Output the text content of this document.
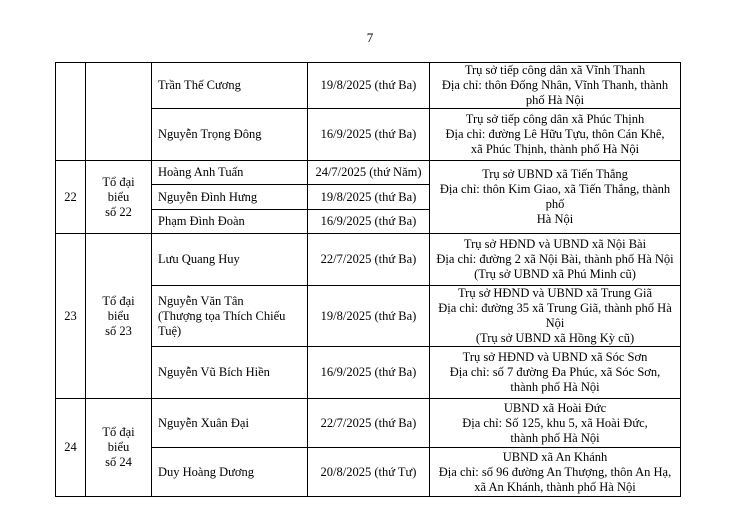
7
		Trần Thế Cương	19/8/2025 (thứ Ba)	Trụ sở tiếp công dân xã Vĩnh Thanh
Địa chỉ: thôn Đống Nhân, Vĩnh Thanh, thành phố Hà Nội

		Nguyễn Trọng Đông	16/9/2025 (thứ Ba)	Trụ sở tiếp công dân xã Phúc Thịnh
Địa chỉ: đường Lê Hữu Tựu, thôn Cán Khê,
xã Phúc Thịnh, thành phố Hà Nội

22	Tổ đại biểu
số 22	Hoàng Anh Tuấn	24/7/2025 (thứ Năm)	Trụ sở UBND xã Tiến Thắng
Địa chỉ: thôn Kim Giao, xã Tiến Thắng, thành phố
Hà Nội

		Nguyễn Đình Hưng	19/8/2025 (thứ Ba)	
		Phạm Đình Đoàn	16/9/2025 (thứ Ba)	
23	Tổ đại biểu
số 23	Lưu Quang Huy	22/7/2025 (thứ Ba)	Trụ sở HĐND và UBND xã Nội Bài
Địa chỉ: đường 2 xã Nội Bài, thành phố Hà Nội
(Trụ sở UBND xã Phú Minh cũ)

		Nguyễn Văn Tân
(Thượng tọa Thích Chiếu Tuệ)	19/8/2025 (thứ Ba)	Trụ sở HĐND và UBND xã Trung Giã
Địa chỉ: đường 35 xã Trung Giã, thành phố Hà Nội
(Trụ sở UBND xã Hồng Kỳ cũ)

		Nguyễn Vũ Bích Hiền	16/9/2025 (thứ Ba)	Trụ sở HĐND và UBND xã Sóc Sơn
Địa chỉ: số 7 đường Đa Phúc, xã Sóc Sơn,
thành phố Hà Nội

24	Tổ đại biểu
số 24	Nguyễn Xuân Đại	22/7/2025 (thứ Ba)	UBND xã Hoài Đức
Địa chỉ: Số 125, khu 5, xã Hoài Đức,
thành phố Hà Nội

		Duy Hoàng Dương	20/8/2025 (thứ Tư)	UBND xã An Khánh
Địa chỉ: số 96 đường An Thượng, thôn An Hạ,
xã An Khánh, thành phố Hà Nội
